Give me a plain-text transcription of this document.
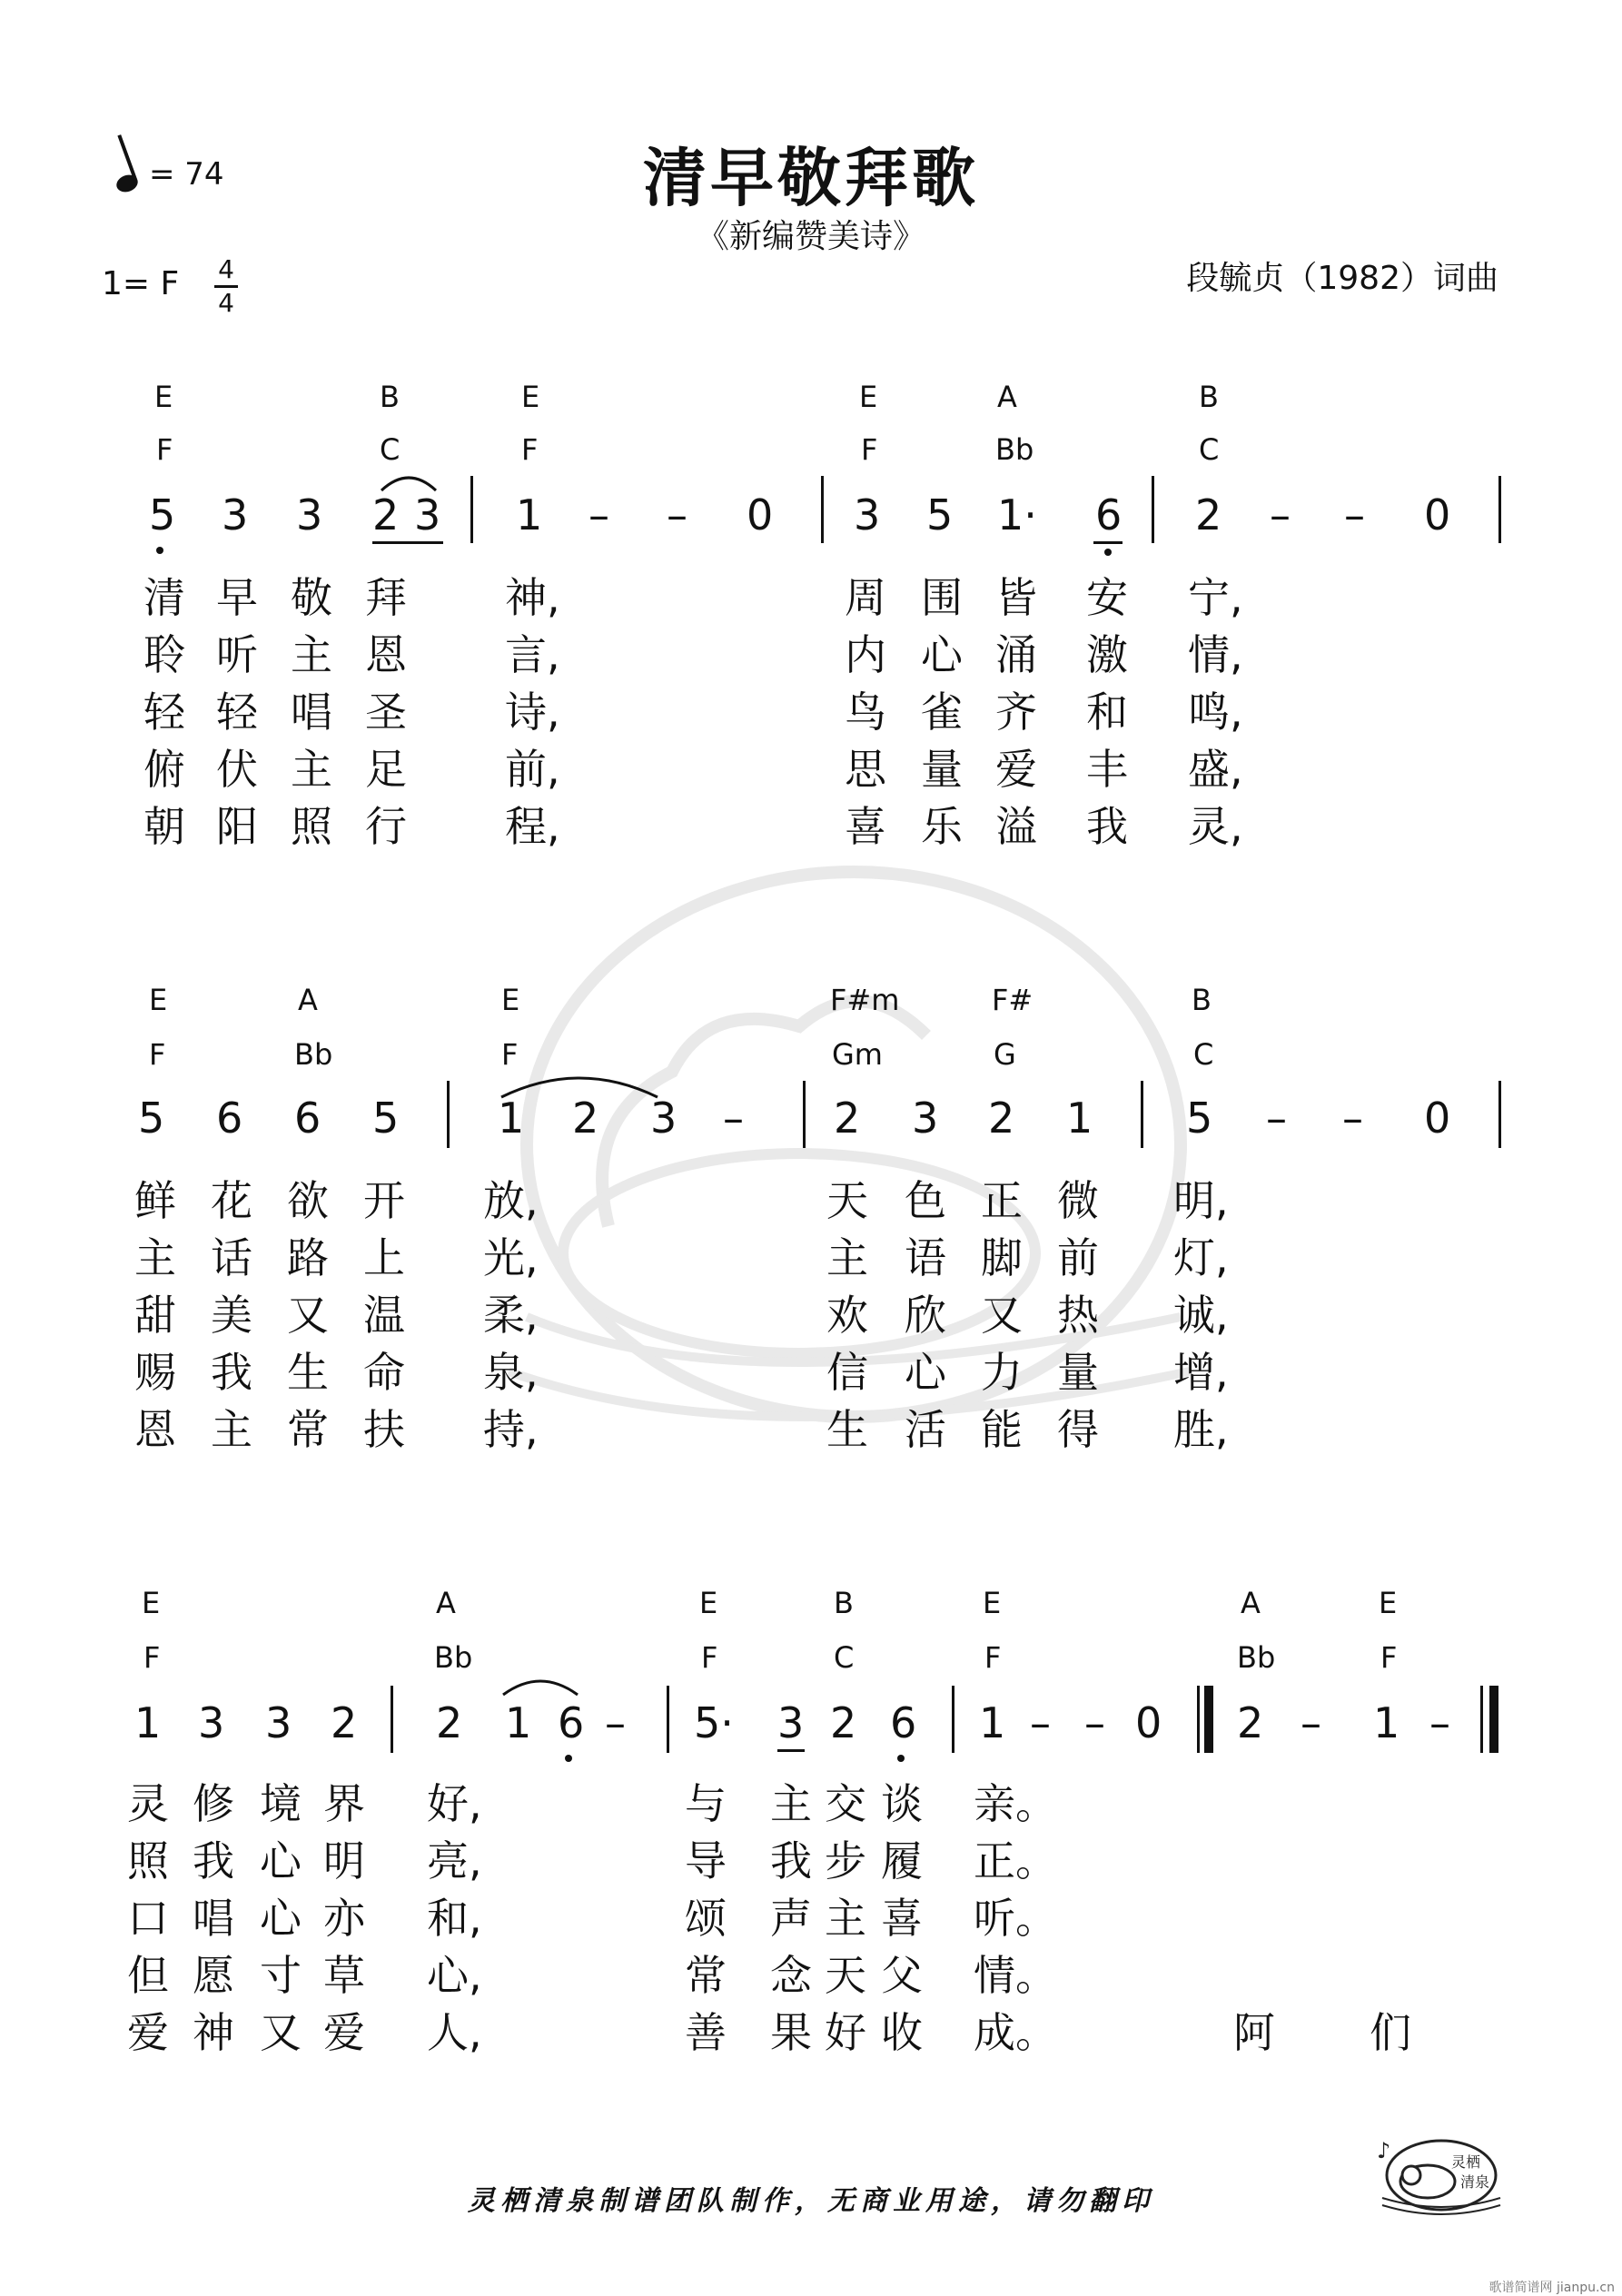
清早敬拜歌
《新编赞美诗》
= 74
1= F 4
4
段毓贞（1982）词曲
E	B	E	E	A	B
F	C	F	F	Bb	C
5 3 3 2 3 1 – – 0 3 5 1· 6 2 – – 0
清 早 敬 拜 神,	周 围 皆 安 宁,
聆 听 主 恩 言,	内 心 涌 激 情,
轻 轻 唱 圣 诗,	鸟 雀 齐 和 鸣,
俯 伏 主 足 前,	思 量 爱 丰 盛,
朝 阳 照 行 程,	喜 乐 溢 我 灵,
E	A	E	F#m	F#	B
F	Bb	F	Gm	G	C
5 6 6 5 1 2 3 – 2 3 2 1 5 – – 0
鲜 花 欲 开 放,	天 色 正 微 明,
主 话 路 上 光,	主 语 脚 前 灯,
甜 美 又 温 柔,	欢 欣 又 热 诚,
赐 我 生 命 泉,	信 心 力 量 增,
恩 主 常 扶 持,	生 活 能 得 胜,
E	A	E	B	E	A	E
F	Bb	F	C	F	Bb	F
1 3 3 2 2 1 6 – 5· 3 2 6 1 – – 0 2 – 1 –
灵 修 境 界 好,	与 主 交 谈 亲。
照 我 心 明 亮,	导 我 步 履 正。
口 唱 心 亦 和,	颂 声 主 喜 听。
但 愿 寸 草 心,	常 念 天 父 情。
爱 神 又 爱 人,	善 果 好 收 成。	阿 们
灵栖清泉制谱团队制作，无商业用途，请勿翻印
灵栖
清泉
♪
歌谱简谱网 jianpu.cn
